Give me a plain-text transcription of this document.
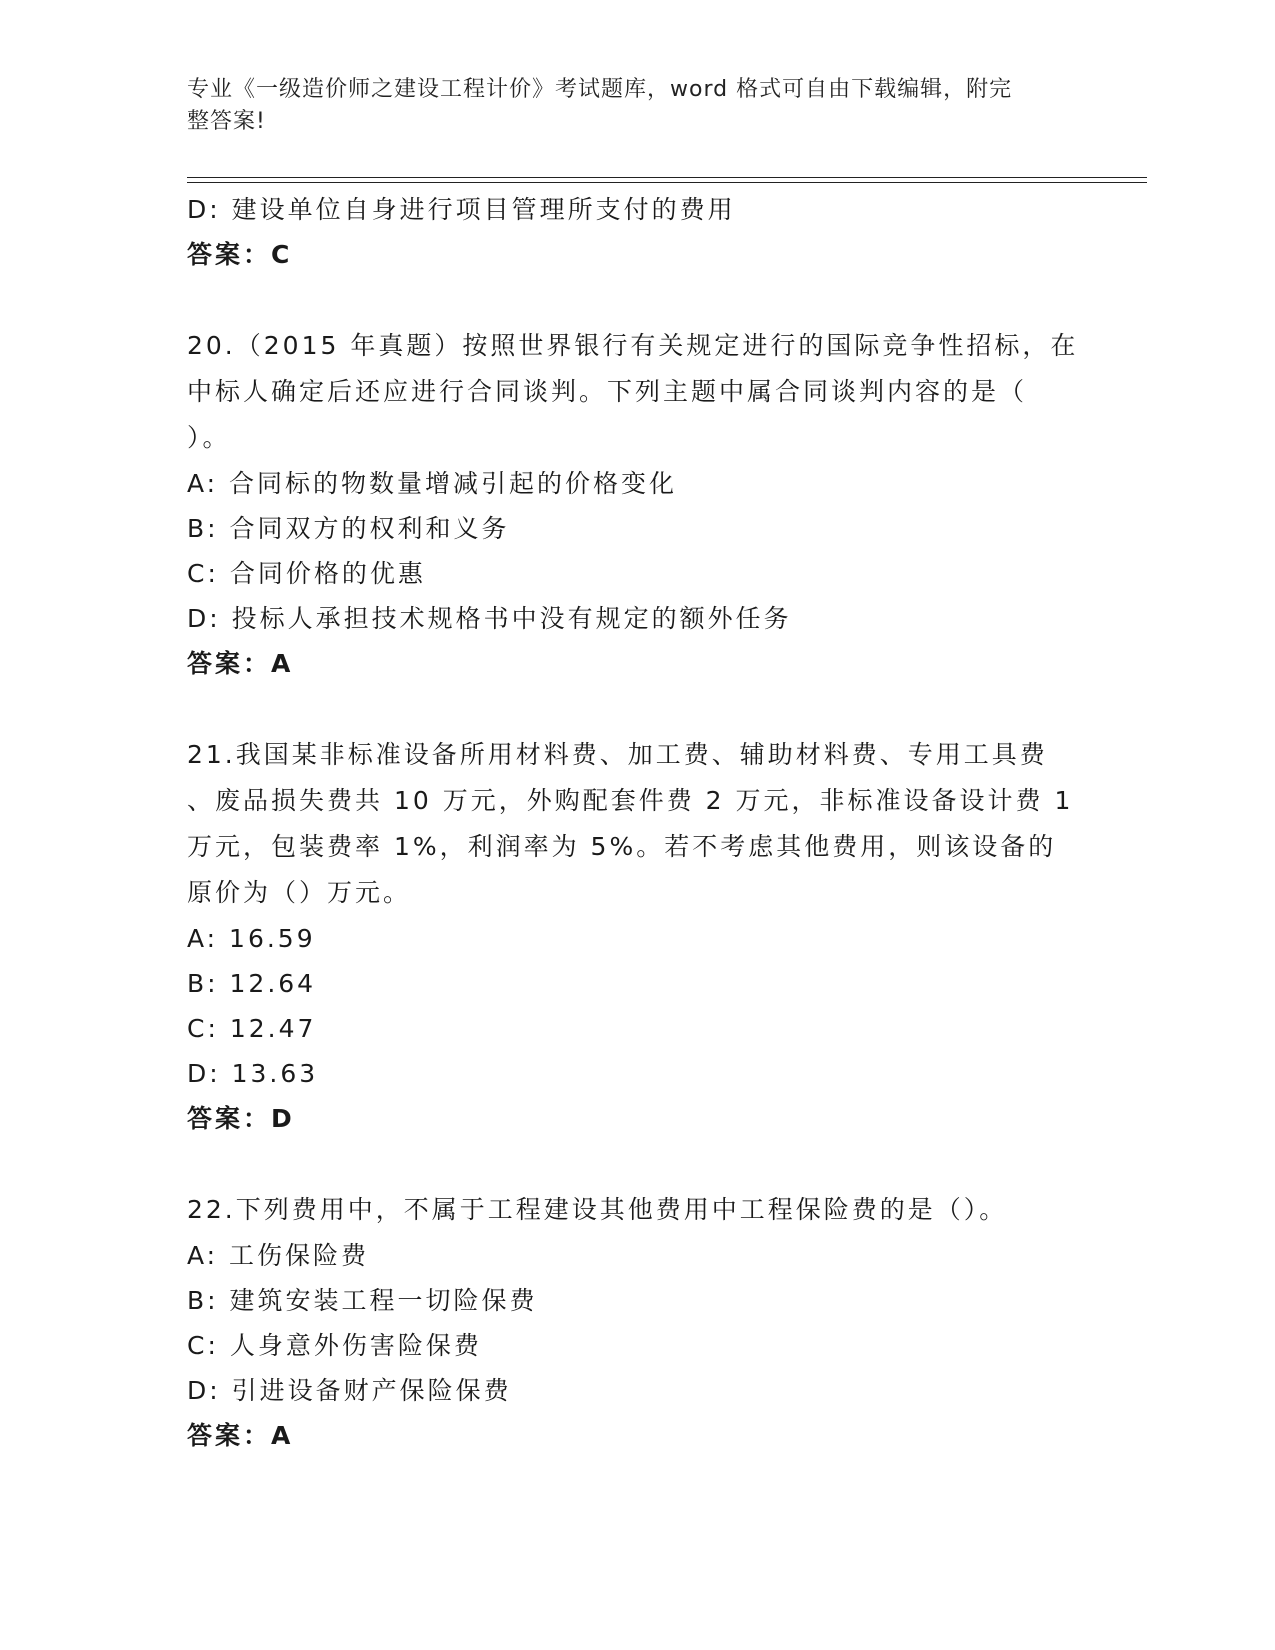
专业《一级造价师之建设工程计价》考试题库，word 格式可自由下载编辑，附完
整答案!
D: 建设单位自身进行项目管理所支付的费用
答案：C
20.（2015 年真题）按照世界银行有关规定进行的国际竞争性招标，在
中标人确定后还应进行合同谈判。下列主题中属合同谈判内容的是（
）。
A: 合同标的物数量增减引起的价格变化
B: 合同双方的权利和义务
C: 合同价格的优惠
D: 投标人承担技术规格书中没有规定的额外任务
答案：A
21.我国某非标准设备所用材料费、加工费、辅助材料费、专用工具费
、废品损失费共 10 万元，外购配套件费 2 万元，非标准设备设计费 1
万元，包装费率 1%，利润率为 5%。若不考虑其他费用，则该设备的
原价为（）万元。
A: 16.59
B: 12.64
C: 12.47
D: 13.63
答案：D
22.下列费用中，不属于工程建设其他费用中工程保险费的是（）。
A: 工伤保险费
B: 建筑安装工程一切险保费
C: 人身意外伤害险保费
D: 引进设备财产保险保费
答案：A
